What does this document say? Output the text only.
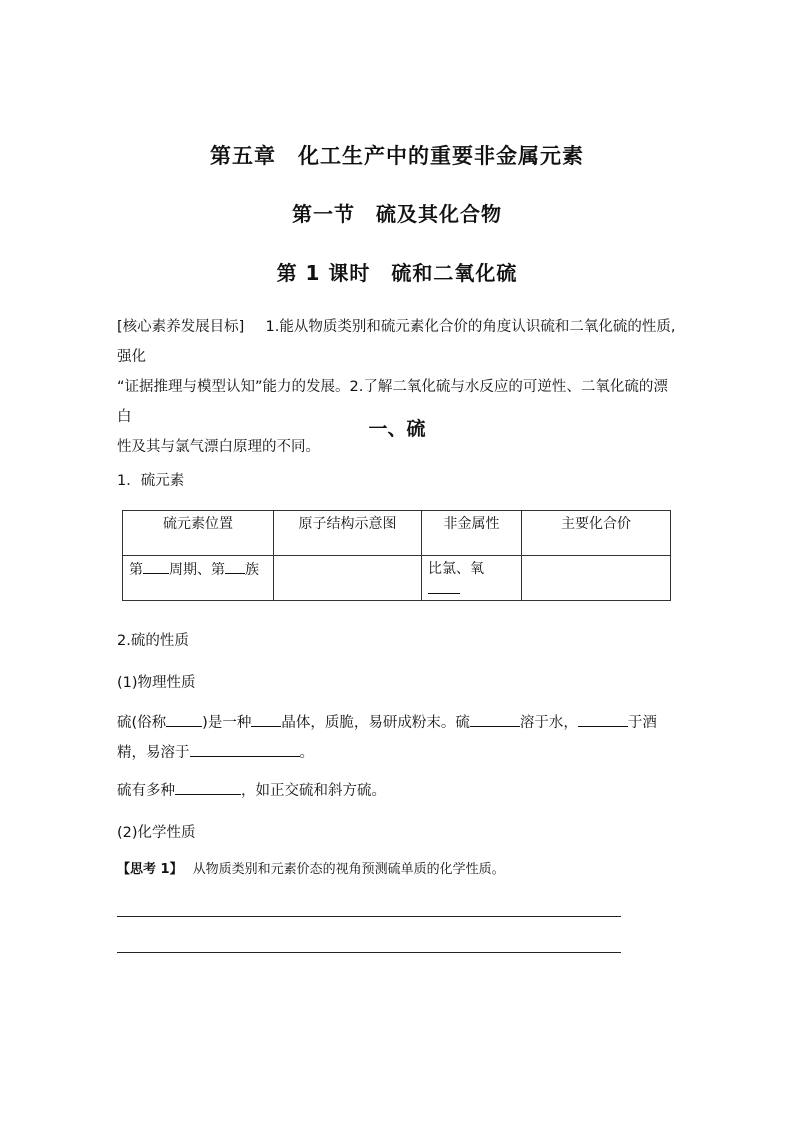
第五章　化工生产中的重要非金属元素
第一节　硫及其化合物
第 1 课时　硫和二氧化硫
[核心素养发展目标] 1.能从物质类别和硫元素化合价的角度认识硫和二氧化硫的性质,强化
“证据推理与模型认知”能力的发展。2.了解二氧化硫与水反应的可逆性、二氧化硫的漂白
性及其与氯气漂白原理的不同。
一、硫
1．硫元素
硫元素位置	原子结构示意图	非金属性	主要化合价
第 周期、第 族		比氯、氧	
2.硫的性质
(1)物理性质
硫(俗称 )是一种 晶体，质脆，易研成粉末。硫	溶于水，	于酒
精，易溶于	。
硫有多种	，如正交硫和斜方硫。
(2)化学性质
【思考 1】 从物质类别和元素价态的视角预测硫单质的化学性质。
